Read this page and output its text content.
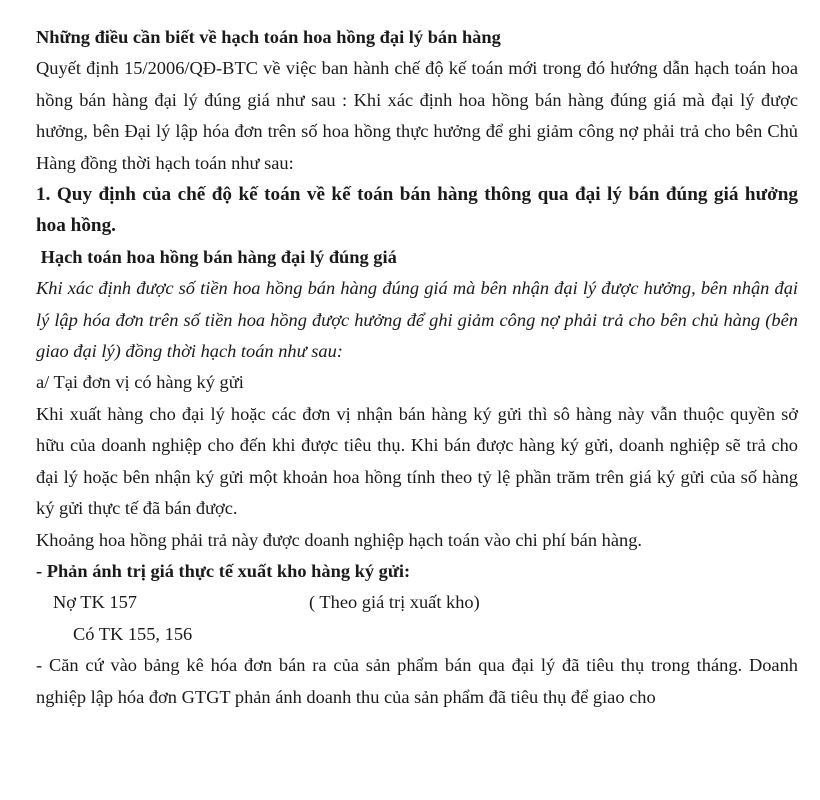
Những điều cần biết về hạch toán hoa hồng đại lý bán hàng

Quyết định 15/2006/QĐ-BTC về việc ban hành chế độ kế toán mới trong đó hướng dẫn hạch toán hoa hồng bán hàng đại lý đúng giá như sau : Khi xác định hoa hồng bán hàng đúng giá mà đại lý được hưởng, bên Đại lý lập hóa đơn trên số hoa hồng thực hưởng để ghi giảm công nợ phải trả cho bên Chủ Hàng đồng thời hạch toán như sau:

1. Quy định của chế độ kế toán về kế toán bán hàng thông qua đại lý bán đúng giá hưởng hoa hồng.

Hạch toán hoa hồng bán hàng đại lý đúng giá

Khi xác định được số tiền hoa hồng bán hàng đúng giá mà bên nhận đại lý được hưởng, bên nhận đại lý lập hóa đơn trên số tiền hoa hồng được hưởng để ghi giảm công nợ phải trả cho bên chủ hàng (bên giao đại lý) đồng thời hạch toán như sau:

a/ Tại đơn vị có hàng ký gửi

Khi xuất hàng cho đại lý hoặc các đơn vị nhận bán hàng ký gửi thì sô hàng này vẫn thuộc quyền sở hữu của doanh nghiệp cho đến khi được tiêu thụ. Khi bán được hàng ký gửi, doanh nghiệp sẽ trả cho đại lý hoặc bên nhận ký gửi một khoản hoa hồng tính theo tỷ lệ phần trăm trên giá ký gửi của số hàng ký gửi thực tế đã bán được.

Khoảng hoa hồng phải trả này được doanh nghiệp hạch toán vào chi phí bán hàng.

- Phản ánh trị giá thực tế xuất kho hàng ký gửi:

Nợ TK 157	( Theo giá trị xuất kho)

Có TK 155, 156

- Căn cứ vào bảng kê hóa đơn bán ra của sản phẩm bán qua đại lý đã tiêu thụ trong tháng. Doanh nghiệp lập hóa đơn GTGT phản ánh doanh thu của sản phẩm đã tiêu thụ để giao cho
